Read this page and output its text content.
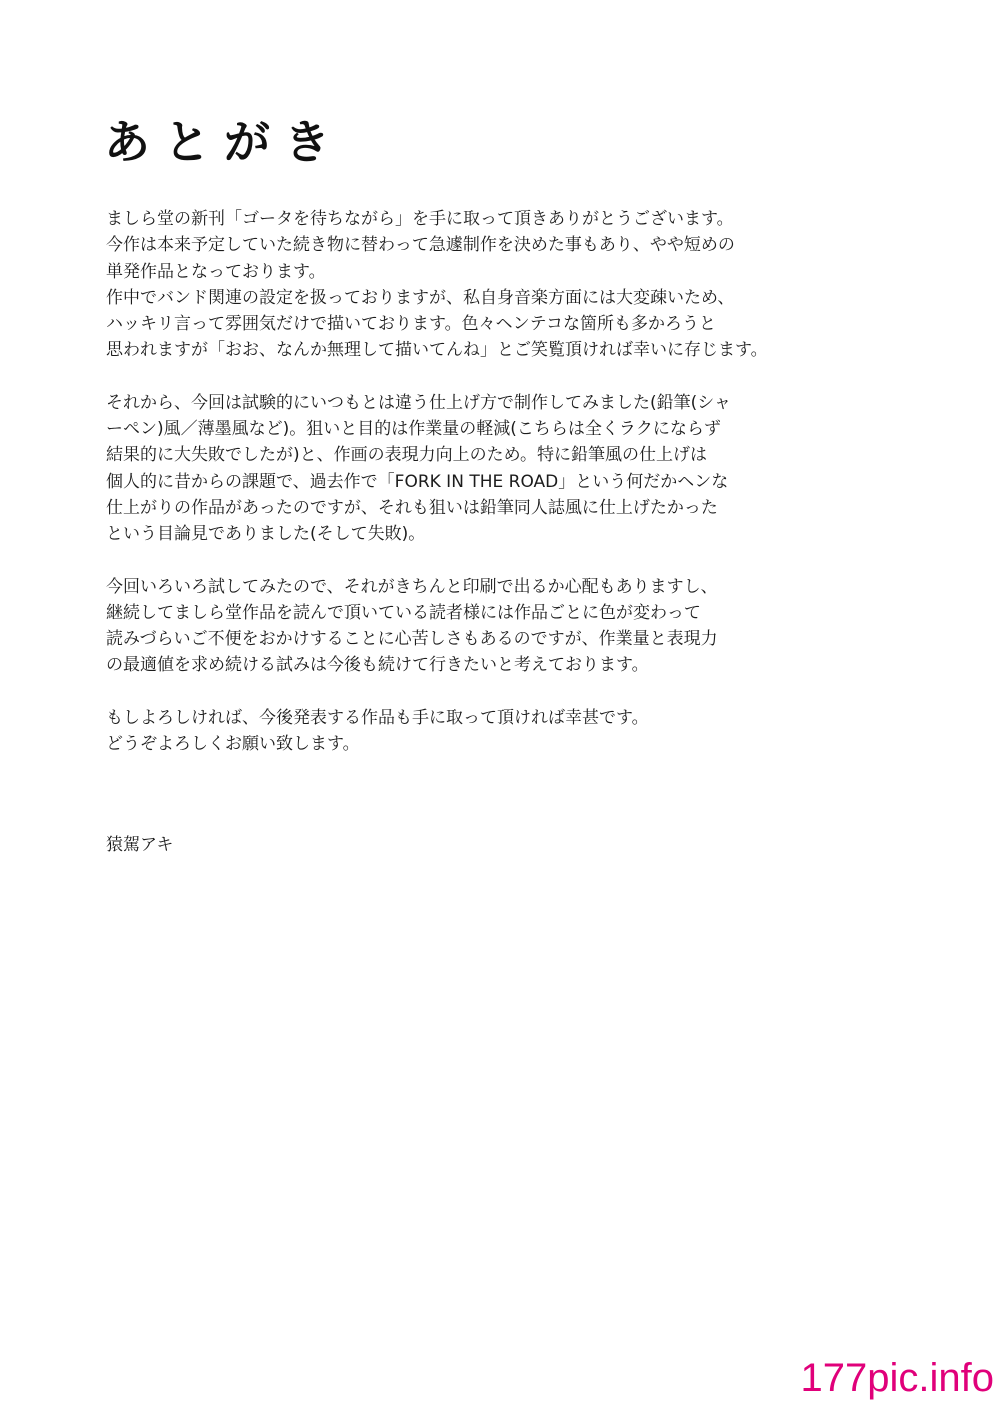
あとがき

ましら堂の新刊「ゴータを待ちながら」を手に取って頂きありがとうございます。
今作は本来予定していた続き物に替わって急遽制作を決めた事もあり、やや短めの
単発作品となっております。
作中でバンド関連の設定を扱っておりますが、私自身音楽方面には大変疎いため、
ハッキリ言って雰囲気だけで描いております。色々ヘンテコな箇所も多かろうと
思われますが「おお、なんか無理して描いてんね」とご笑覧頂ければ幸いに存じます。

それから、今回は試験的にいつもとは違う仕上げ方で制作してみました(鉛筆(シャ
ーペン)風／薄墨風など)。狙いと目的は作業量の軽減(こちらは全くラクにならず
結果的に大失敗でしたが)と、作画の表現力向上のため。特に鉛筆風の仕上げは
個人的に昔からの課題で、過去作で「FORK IN THE ROAD」という何だかヘンな
仕上がりの作品があったのですが、それも狙いは鉛筆同人誌風に仕上げたかった
という目論見でありました(そして失敗)。

今回いろいろ試してみたので、それがきちんと印刷で出るか心配もありますし、
継続してましら堂作品を読んで頂いている読者様には作品ごとに色が変わって
読みづらいご不便をおかけすることに心苦しさもあるのですが、作業量と表現力
の最適値を求め続ける試みは今後も続けて行きたいと考えております。

もしよろしければ、今後発表する作品も手に取って頂ければ幸甚です。
どうぞよろしくお願い致します。

猿駕アキ
177pic.info
